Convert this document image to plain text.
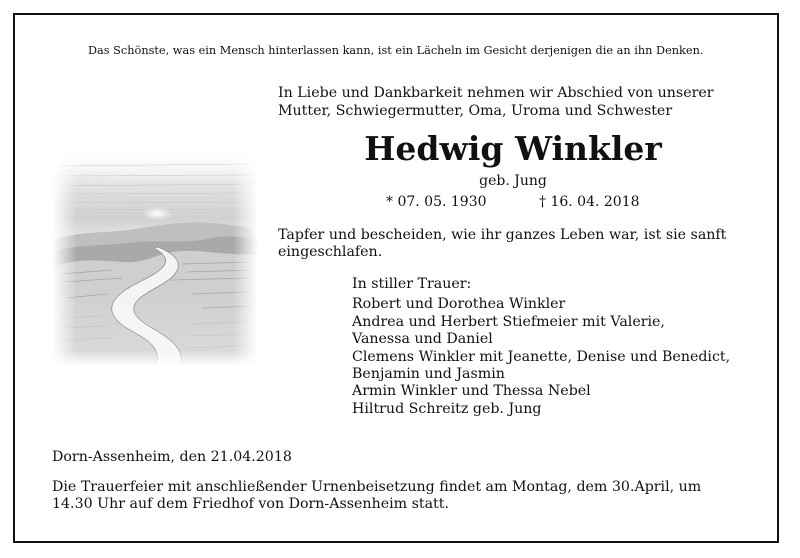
Das Schönste, was ein Mensch hinterlassen kann, ist ein Lächeln im Gesicht derjenigen die an ihn Denken.
In Liebe und Dankbarkeit nehmen wir Abschied von unserer
Mutter, Schwiegermutter, Oma, Uroma und Schwester
Hedwig Winkler
geb. Jung
* 07. 05. 1930	† 16. 04. 2018
Tapfer und bescheiden, wie ihr ganzes Leben war, ist sie sanft
eingeschlafen.
In stiller Trauer:
Robert und Dorothea Winkler
Andrea und Herbert Stiefmeier mit Valerie,
Vanessa und Daniel
Clemens Winkler mit Jeanette, Denise und Benedict,
Benjamin und Jasmin
Armin Winkler und Thessa Nebel
Hiltrud Schreitz geb. Jung
Dorn-Assenheim, den 21.04.2018
Die Trauerfeier mit anschließender Urnenbeisetzung findet am Montag, dem 30.April, um
14.30 Uhr auf dem Friedhof von Dorn-Assenheim statt.
